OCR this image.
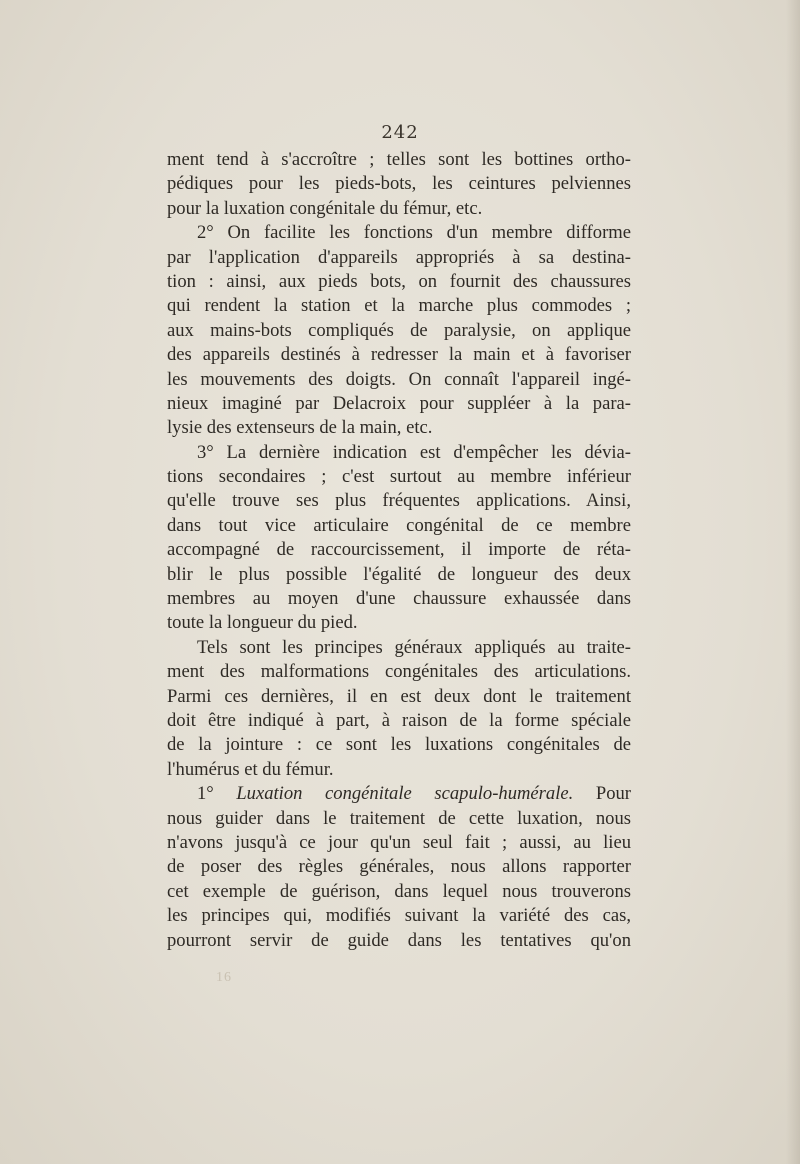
242
ment tend à s'accroître ; telles sont les bottines ortho-
pédiques pour les pieds-bots, les ceintures pelviennes
pour la luxation congénitale du fémur, etc.
2° On facilite les fonctions d'un membre difforme
par l'application d'appareils appropriés à sa destina-
tion : ainsi, aux pieds bots, on fournit des chaussures
qui rendent la station et la marche plus commodes ;
aux mains-bots compliqués de paralysie, on applique
des appareils destinés à redresser la main et à favoriser
les mouvements des doigts. On connaît l'appareil ingé-
nieux imaginé par Delacroix pour suppléer à la para-
lysie des extenseurs de la main, etc.
3° La dernière indication est d'empêcher les dévia-
tions secondaires ; c'est surtout au membre inférieur
qu'elle trouve ses plus fréquentes applications. Ainsi,
dans tout vice articulaire congénital de ce membre
accompagné de raccourcissement, il importe de réta-
blir le plus possible l'égalité de longueur des deux
membres au moyen d'une chaussure exhaussée dans
toute la longueur du pied.
Tels sont les principes généraux appliqués au traite-
ment des malformations congénitales des articulations.
Parmi ces dernières, il en est deux dont le traitement
doit être indiqué à part, à raison de la forme spéciale
de la jointure : ce sont les luxations congénitales de
l'humérus et du fémur.
1° Luxation congénitale scapulo-humérale. Pour
nous guider dans le traitement de cette luxation, nous
n'avons jusqu'à ce jour qu'un seul fait ; aussi, au lieu
de poser des règles générales, nous allons rapporter
cet exemple de guérison, dans lequel nous trouverons
les principes qui, modifiés suivant la variété des cas,
pourront servir de guide dans les tentatives qu'on
16
